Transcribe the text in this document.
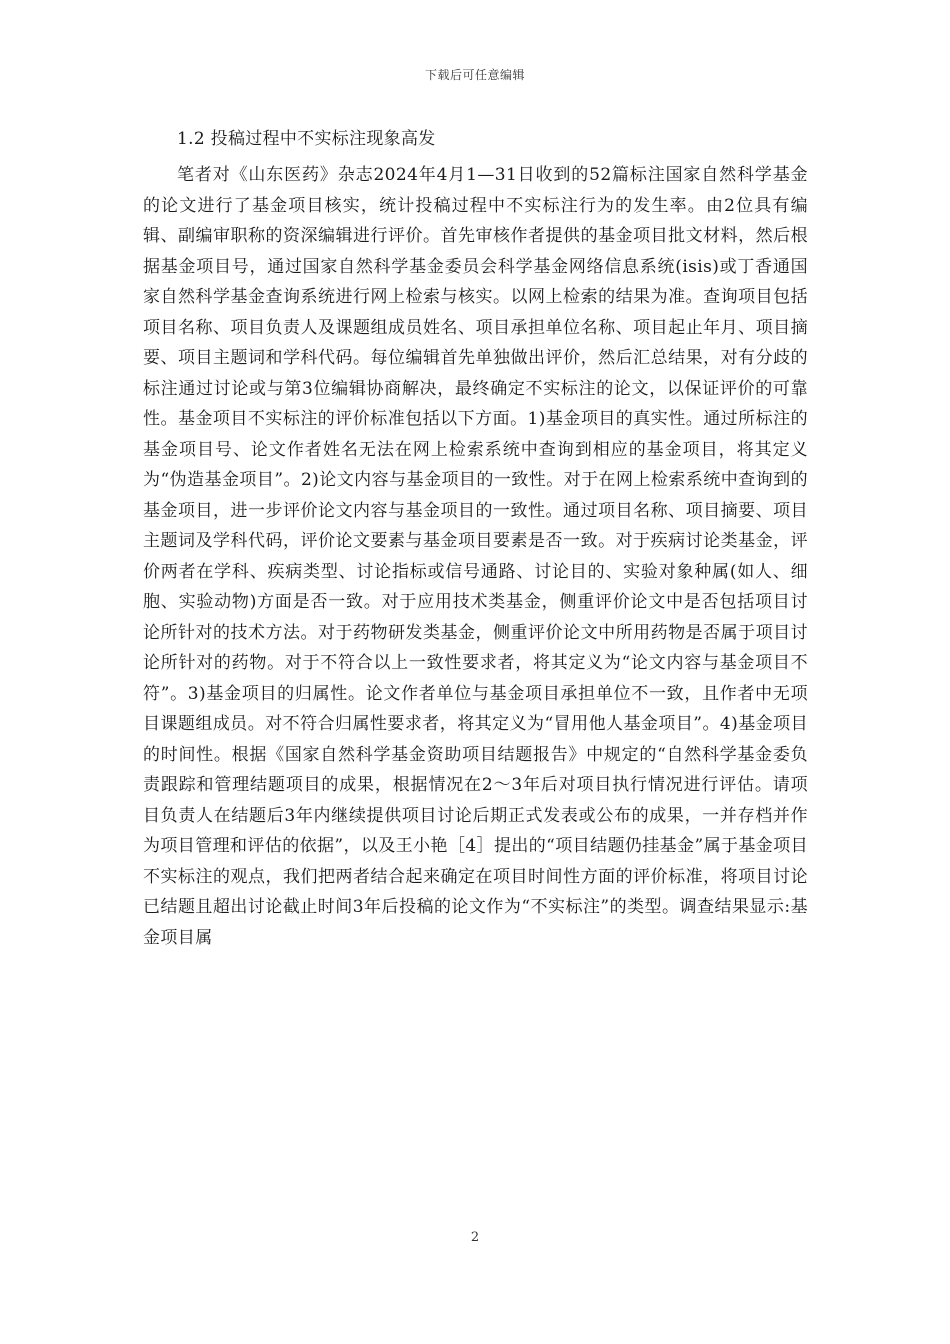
下载后可任意编辑
1.2 投稿过程中不实标注现象高发

笔者对《山东医药》杂志2024年4月1—31日收到的52篇标注国家自然科学基金的论文进行了基金项目核实，统计投稿过程中不实标注行为的发生率。由2位具有编辑、副编审职称的资深编辑进行评价。首先审核作者提供的基金项目批文材料，然后根据基金项目号，通过国家自然科学基金委员会科学基金网络信息系统(isis)或丁香通国家自然科学基金查询系统进行网上检索与核实。以网上检索的结果为准。查询项目包括项目名称、项目负责人及课题组成员姓名、项目承担单位名称、项目起止年月、项目摘要、项目主题词和学科代码。每位编辑首先单独做出评价，然后汇总结果，对有分歧的标注通过讨论或与第3位编辑协商解决，最终确定不实标注的论文，以保证评价的可靠性。基金项目不实标注的评价标准包括以下方面。1)基金项目的真实性。通过所标注的基金项目号、论文作者姓名无法在网上检索系统中查询到相应的基金项目，将其定义为“伪造基金项目”。2)论文内容与基金项目的一致性。对于在网上检索系统中查询到的基金项目，进一步评价论文内容与基金项目的一致性。通过项目名称、项目摘要、项目主题词及学科代码，评价论文要素与基金项目要素是否一致。对于疾病讨论类基金，评价两者在学科、疾病类型、讨论指标或信号通路、讨论目的、实验对象种属(如人、细胞、实验动物)方面是否一致。对于应用技术类基金，侧重评价论文中是否包括项目讨论所针对的技术方法。对于药物研发类基金，侧重评价论文中所用药物是否属于项目讨论所针对的药物。对于不符合以上一致性要求者，将其定义为“论文内容与基金项目不符”。3)基金项目的归属性。论文作者单位与基金项目承担单位不一致，且作者中无项目课题组成员。对不符合归属性要求者，将其定义为“冒用他人基金项目”。4)基金项目的时间性。根据《国家自然科学基金资助项目结题报告》中规定的“自然科学基金委负责跟踪和管理结题项目的成果，根据情况在2～3年后对项目执行情况进行评估。请项目负责人在结题后3年内继续提供项目讨论后期正式发表或公布的成果，一并存档并作为项目管理和评估的依据”，以及王小艳［4］提出的“项目结题仍挂基金”属于基金项目不实标注的观点，我们把两者结合起来确定在项目时间性方面的评价标准，将项目讨论已结题且超出讨论截止时间3年后投稿的论文作为“不实标注”的类型。调查结果显示:基金项目属

2
